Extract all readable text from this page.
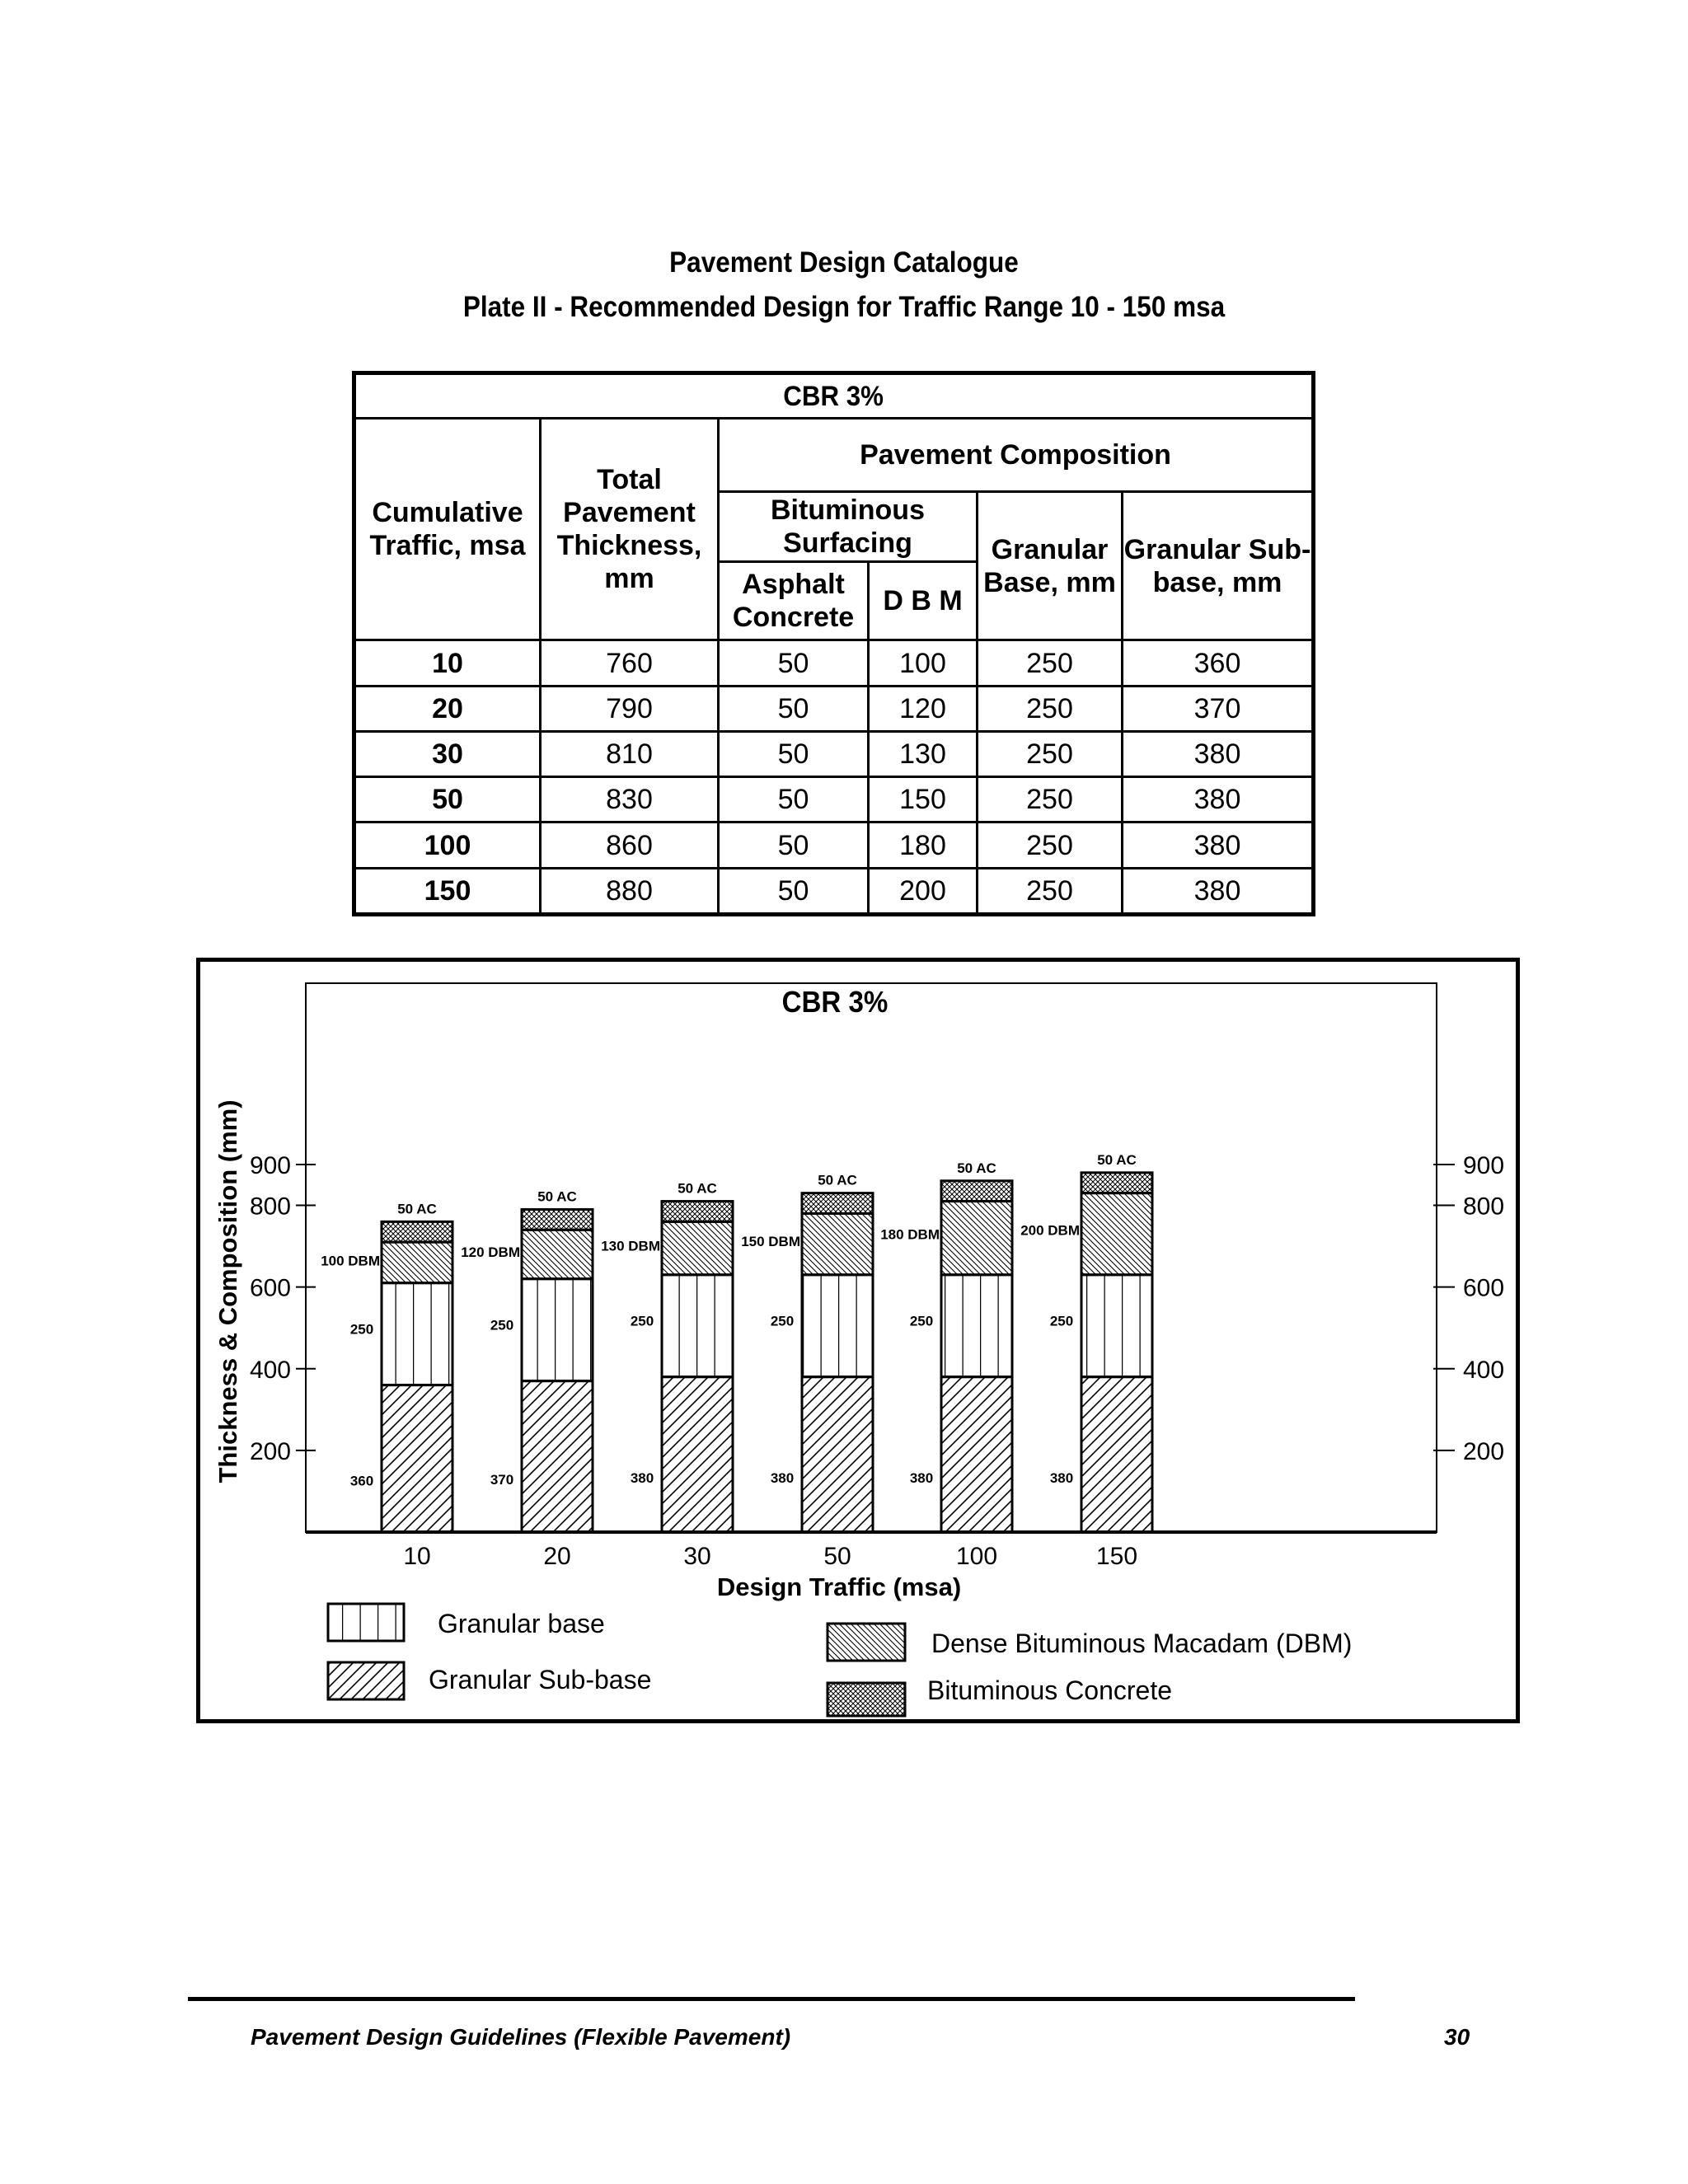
Pavement Design Catalogue
Plate II - Recommended Design for Traffic Range 10 - 150 msa
CBR 3%					
Cumulative Traffic, msa	Total Pavement Thickness, mm	Pavement Composition			
		Bituminous Surfacing		Granular Base, mm	Granular Sub-base, mm
		Asphalt Concrete	D B M		
10	760	50	100	250	360
20	790	50	120	250	370
30	810	50	130	250	380
50	830	50	150	250	380
100	860	50	180	250	380
150	880	50	200	250	380
200
400
600
800
900
200
400
600
800
900
360
250
100 DBM
50 AC
370
250
120 DBM
50 AC
380
250
130 DBM
50 AC
380
250
150 DBM
50 AC
380
250
180 DBM
50 AC
380
250
200 DBM
50 AC
10	20	30	50	100	150
CBR 3%
Design Traffic (msa)
Thickness & Composition (mm)
Granular base
Granular Sub-base
Dense Bituminous Macadam (DBM)
Bituminous Concrete
Pavement Design Guidelines (Flexible Pavement)	30
